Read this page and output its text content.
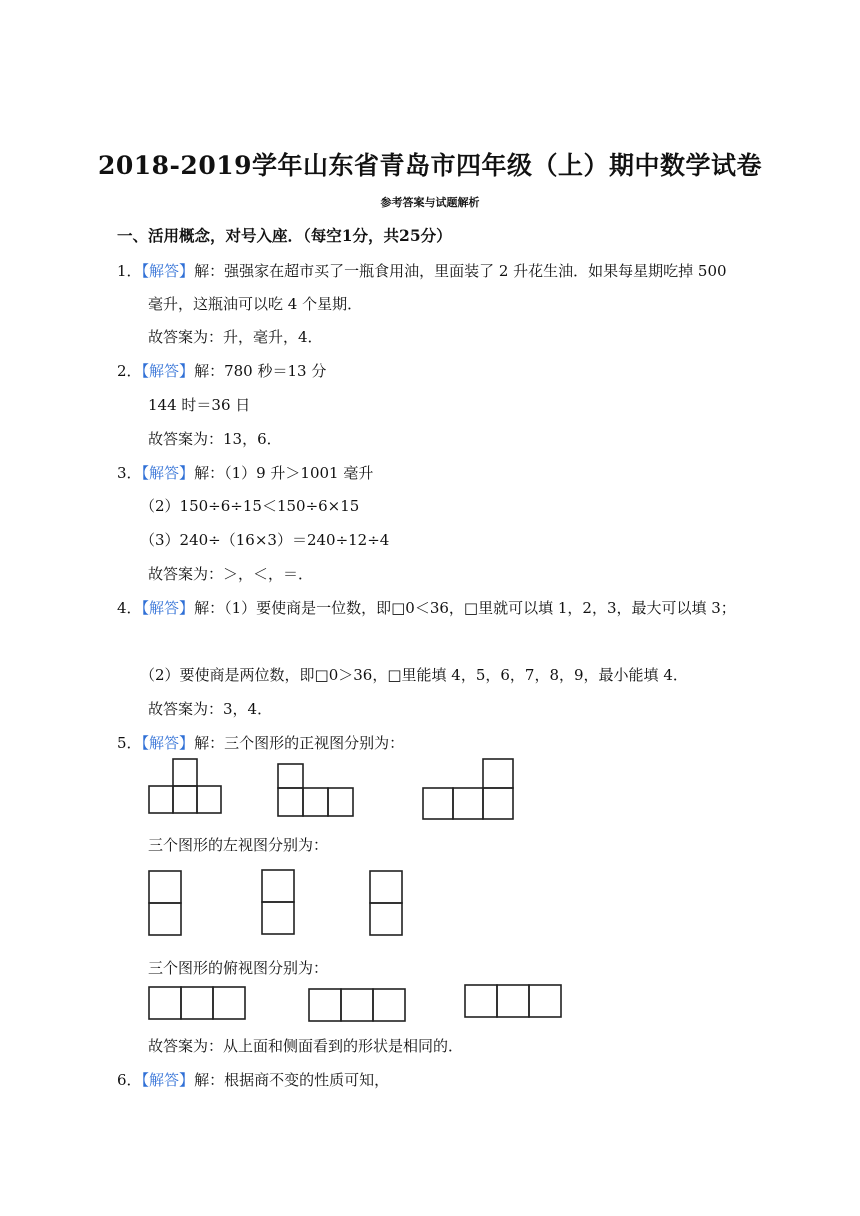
2018-2019学年山东省青岛市四年级（上）期中数学试卷
参考答案与试题解析
一、活用概念，对号入座．（每空1分，共25分）
1．【解答】解：强强家在超市买了一瓶食用油，里面装了 2 升花生油．如果每星期吃掉 500
毫升，这瓶油可以吃 4 个星期．
故答案为：升，毫升，4．
2．【解答】解：780 秒＝13 分
144 时＝36 日
故答案为：13，6．
3．【解答】解：（1）9 升＞1001 毫升
（2）150÷6÷15＜150÷6×15
（3）240÷（16×3）＝240÷12÷4
故答案为：＞，＜，＝．
4．【解答】解：（1）要使商是一位数，即□0＜36，□里就可以填 1，2，3，最大可以填 3；
（2）要使商是两位数，即□0＞36，□里能填 4，5，6，7，8，9，最小能填 4．
故答案为：3，4．
5．【解答】解：三个图形的正视图分别为：
三个图形的左视图分别为：
三个图形的俯视图分别为：
故答案为：从上面和侧面看到的形状是相同的．
6．【解答】解：根据商不变的性质可知，
